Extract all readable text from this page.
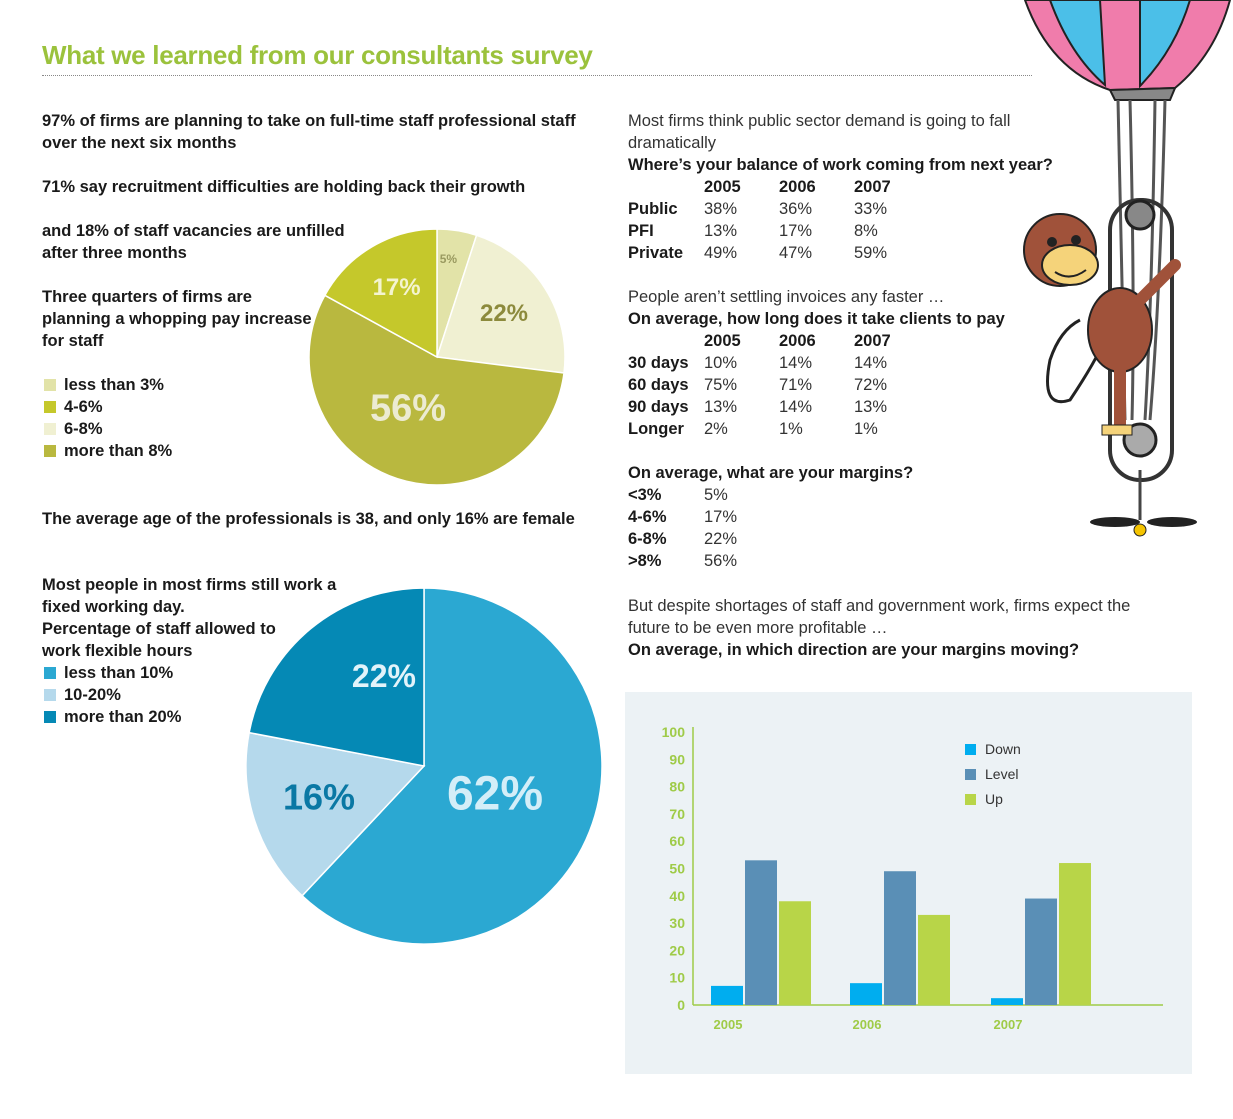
What we learned from our consultants survey
97% of firms are planning to take on full-time staff professional staff over the next six months
71% say recruitment difficulties are holding back their growth
and 18% of staff vacancies are unfilled after three months
Three quarters of firms are planning a whopping pay increase for staff
less than 3%
4-6%
6-8%
more than 8%
5%
22%
56%
17%
The average age of the professionals is 38, and only 16% are female
Most people in most firms still work a fixed working day.
Percentage of staff allowed to work flexible hours
less than 10%
10-20%
more than 20%
62%
16%
22%
Most firms think public sector demand is going to fall dramatically
Where’s your balance of work coming from next year?
	2005	2006	2007
Public	38%	36%	33%
PFI	13%	17%	8%
Private	49%	47%	59%
People aren’t settling invoices any faster …
On average, how long does it take clients to pay
	2005	2006	2007
30 days	10%	14%	14%
60 days	75%	71%	72%
90 days	13%	14%	13%
Longer	2%	1%	1%
On average, what are your margins?
<3%	5%
4-6%	17%
6-8%	22%
>8%	56%
But despite shortages of staff and government work, firms expect the future to be even more profitable …
On average, in which direction are your margins moving?
0
10
20
30
40
50
60
70
80
90
100
2005	2006	2007
Down
Level
Up
